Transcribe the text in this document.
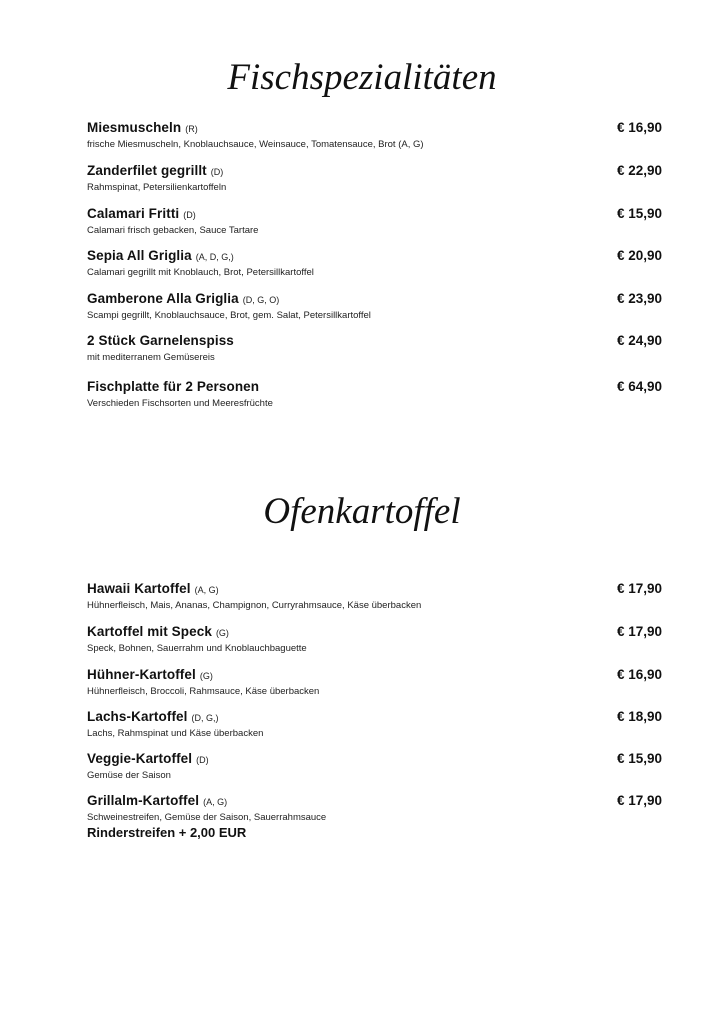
Fischspezialitäten
Miesmuscheln (R)	€ 16,90
frische Miesmuscheln, Knoblauchsauce, Weinsauce, Tomatensauce, Brot (A, G)
Zanderfilet gegrillt (D)	€ 22,90
Rahmspinat, Petersilienkartoffeln
Calamari Fritti (D)	€ 15,90
Calamari frisch gebacken, Sauce Tartare
Sepia All Griglia (A, D, G,)	€ 20,90
Calamari gegrillt mit Knoblauch, Brot, Petersillkartoffel
Gamberone Alla Griglia (D, G, O)	€ 23,90
Scampi gegrillt, Knoblauchsauce, Brot, gem. Salat, Petersillkartoffel
2 Stück Garnelenspiss	€ 24,90
mit mediterranem Gemüsereis
Fischplatte für 2 Personen	€ 64,90
Verschieden Fischsorten und Meeresfrüchte
Ofenkartoffel
Hawaii Kartoffel (A, G)	€ 17,90
Hühnerfleisch, Mais, Ananas, Champignon, Curryrahmsauce, Käse überbacken
Kartoffel mit Speck (G)	€ 17,90
Speck, Bohnen, Sauerrahm und Knoblauchbaguette
Hühner-Kartoffel (G)	€ 16,90
Hühnerfleisch, Broccoli, Rahmsauce, Käse überbacken
Lachs-Kartoffel (D, G,)	€ 18,90
Lachs, Rahmspinat und Käse überbacken
Veggie-Kartoffel (D)	€ 15,90
Gemüse der Saison
Grillalm-Kartoffel (A, G)	€ 17,90
Schweinestreifen, Gemüse der Saison, Sauerrahmsauce
Rinderstreifen + 2,00 EUR
